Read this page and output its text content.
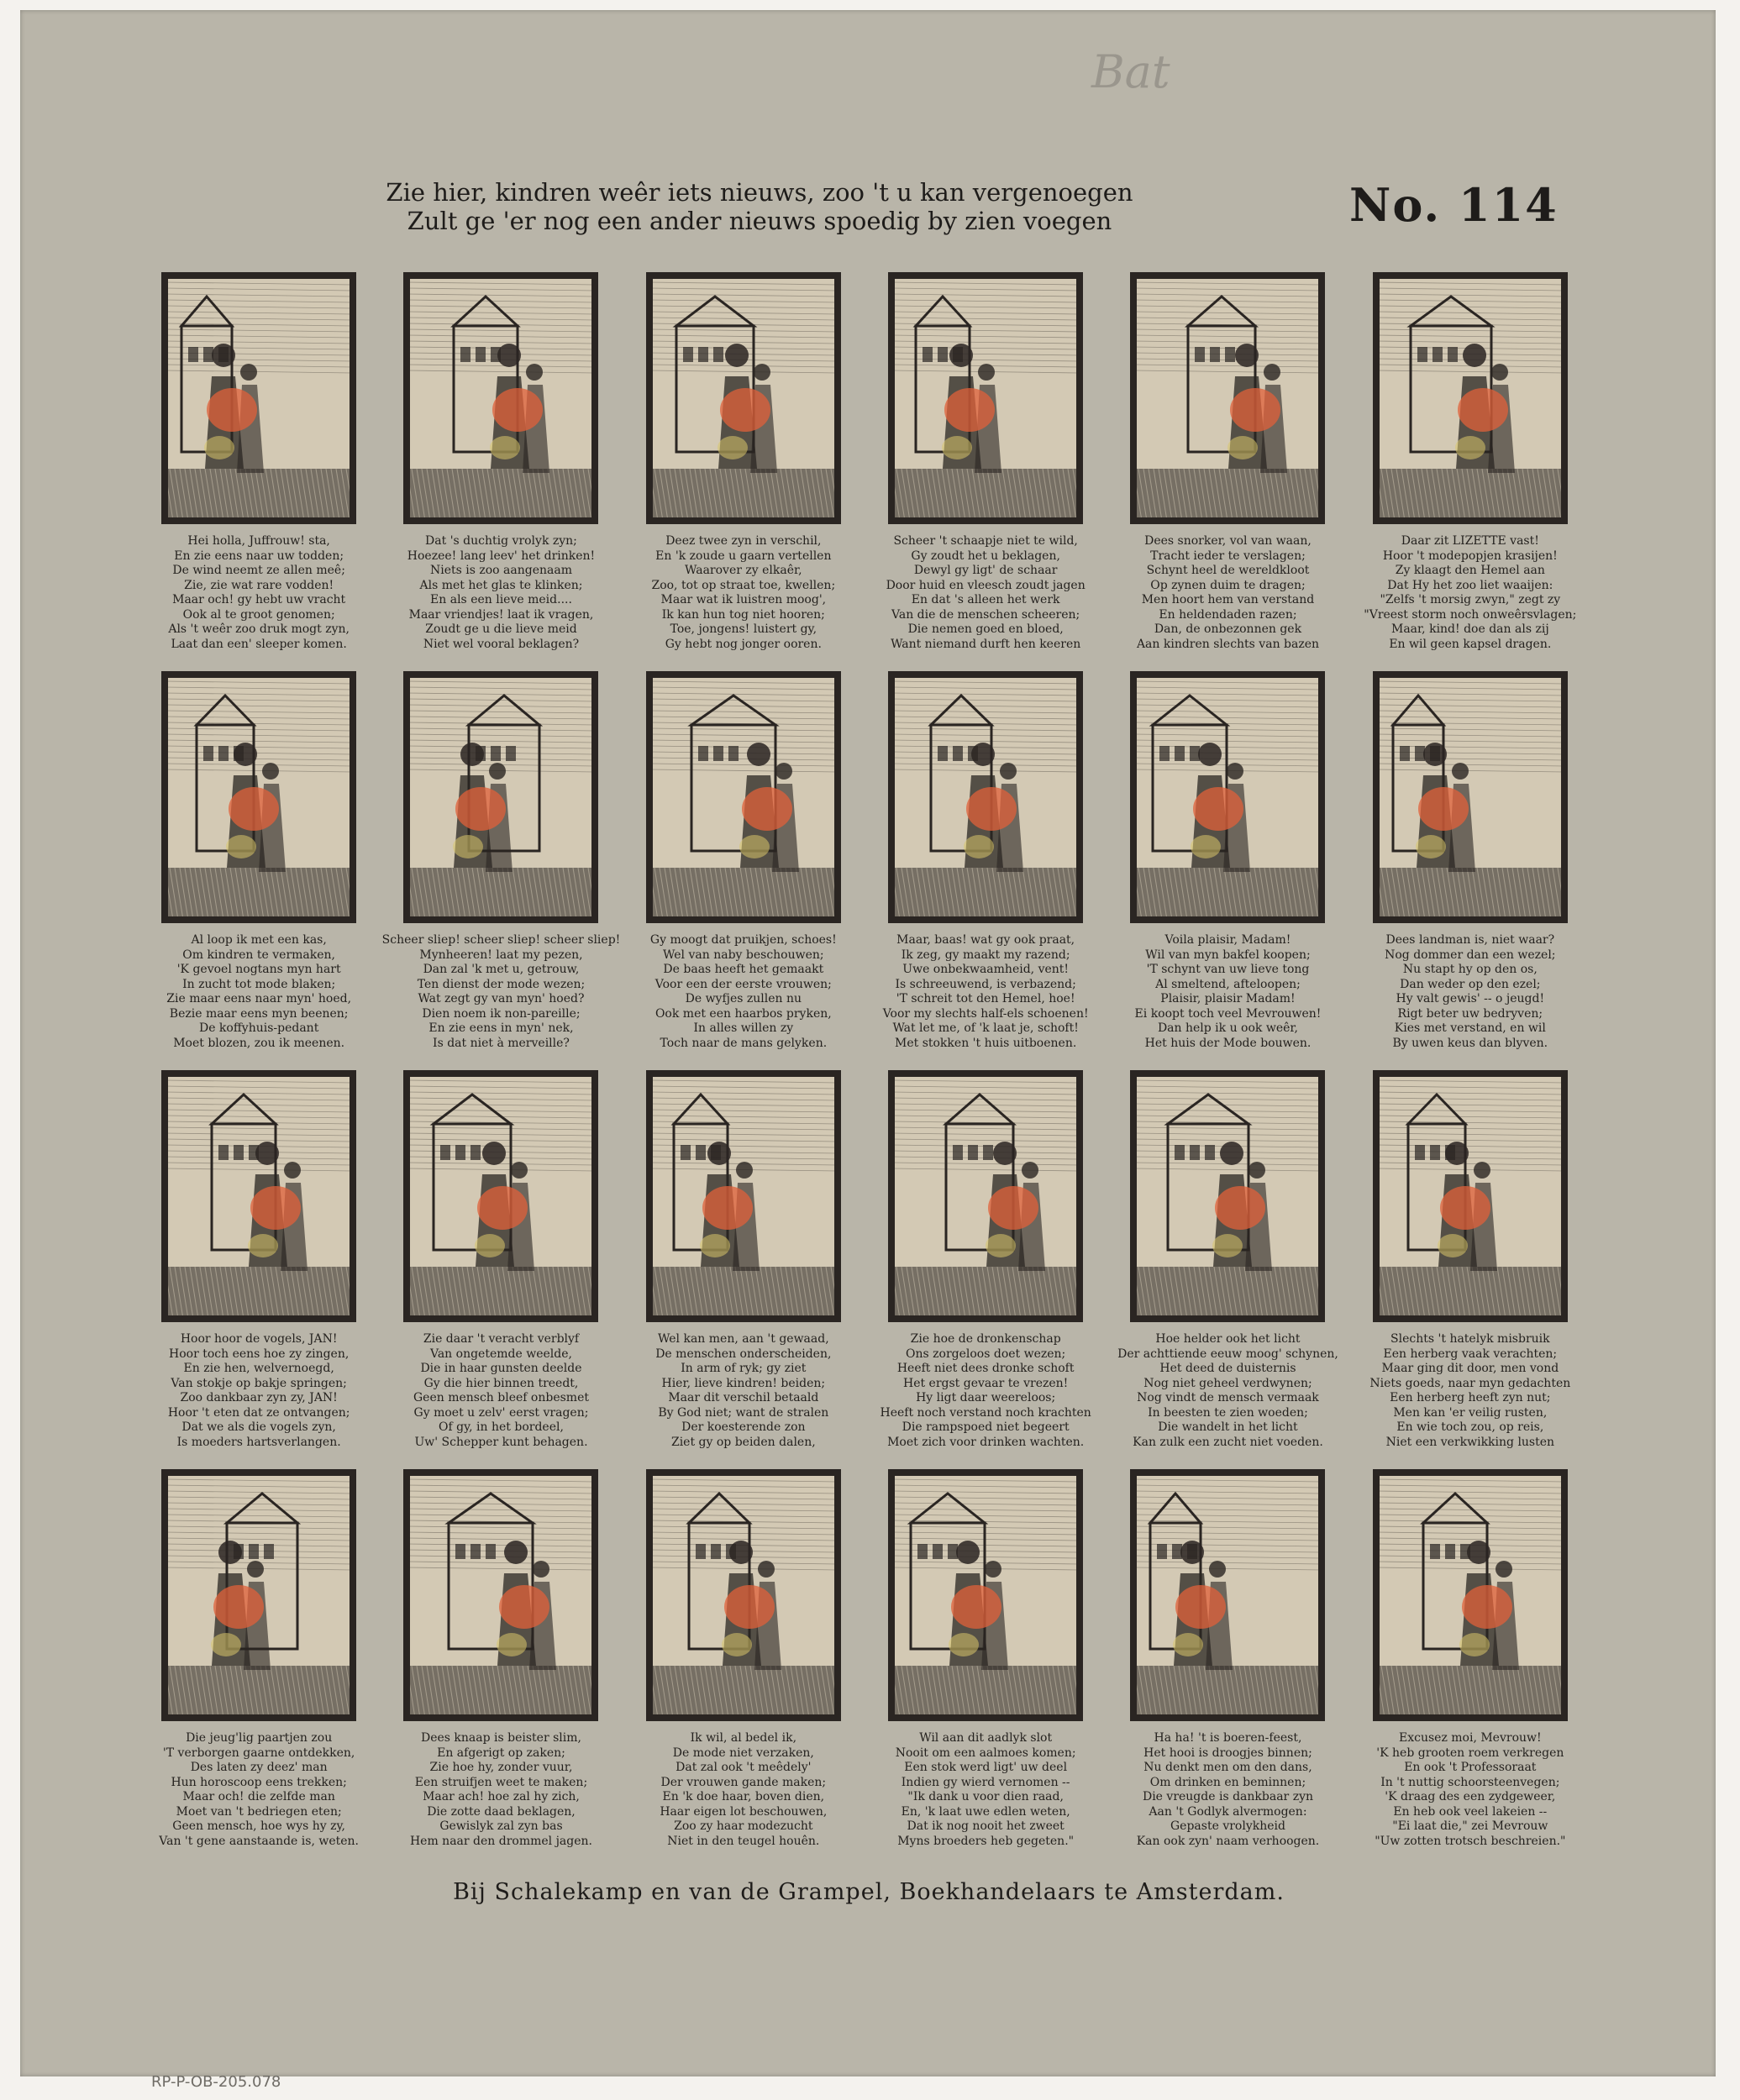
Bat
Zie hier, kindren weêr iets nieuws, zoo 't u kan vergenoegen
Zult ge 'er nog een ander nieuws spoedig by zien voegen	No. 114
Hei holla, Juffrouw! sta,
En zie eens naar uw todden;
De wind neemt ze allen meê;
Zie, zie wat rare vodden!
Maar och! gy hebt uw vracht
Ook al te groot genomen;
Als 't weêr zoo druk mogt zyn,
Laat dan een' sleeper komen.
Dat 's duchtig vrolyk zyn;
Hoezee! lang leev' het drinken!
Niets is zoo aangenaam
Als met het glas te klinken;
En als een lieve meid....
Maar vriendjes! laat ik vragen,
Zoudt ge u die lieve meid
Niet wel vooral beklagen?
Deez twee zyn in verschil,
En 'k zoude u gaarn vertellen
Waarover zy elkaêr,
Zoo, tot op straat toe, kwellen;
Maar wat ik luistren moog',
Ik kan hun tog niet hooren;
Toe, jongens! luistert gy,
Gy hebt nog jonger ooren.
Scheer 't schaapje niet te wild,
Gy zoudt het u beklagen,
Dewyl gy ligt' de schaar
Door huid en vleesch zoudt jagen
En dat 's alleen het werk
Van die de menschen scheeren;
Die nemen goed en bloed,
Want niemand durft hen keeren
Dees snorker, vol van waan,
Tracht ieder te verslagen;
Schynt heel de wereldkloot
Op zynen duim te dragen;
Men hoort hem van verstand
En heldendaden razen;
Dan, de onbezonnen gek
Aan kindren slechts van bazen
Daar zit LIZETTE vast!
Hoor 't modepopjen krasijen!
Zy klaagt den Hemel aan
Dat Hy het zoo liet waaijen:
"Zelfs 't morsig zwyn," zegt zy
"Vreest storm noch onweêrsvlagen;
Maar, kind! doe dan als zij
En wil geen kapsel dragen.
Al loop ik met een kas,
Om kindren te vermaken,
'K gevoel nogtans myn hart
In zucht tot mode blaken;
Zie maar eens naar myn' hoed,
Bezie maar eens myn beenen;
De koffyhuis-pedant
Moet blozen, zou ik meenen.
Scheer sliep! scheer sliep! scheer sliep!
Mynheeren! laat my pezen,
Dan zal 'k met u, getrouw,
Ten dienst der mode wezen;
Wat zegt gy van myn' hoed?
Dien noem ik non-pareille;
En zie eens in myn' nek,
Is dat niet à merveille?
Gy moogt dat pruikjen, schoes!
Wel van naby beschouwen;
De baas heeft het gemaakt
Voor een der eerste vrouwen;
De wyfjes zullen nu
Ook met een haarbos pryken,
In alles willen zy
Toch naar de mans gelyken.
Maar, baas! wat gy ook praat,
Ik zeg, gy maakt my razend;
Uwe onbekwaamheid, vent!
Is schreeuwend, is verbazend;
'T schreit tot den Hemel, hoe!
Voor my slechts half-els schoenen!
Wat let me, of 'k laat je, schoft!
Met stokken 't huis uitboenen.
Voila plaisir, Madam!
Wil van myn bakfel koopen;
'T schynt van uw lieve tong
Al smeltend, afteloopen;
Plaisir, plaisir Madam!
Ei koopt toch veel Mevrouwen!
Dan help ik u ook weêr,
Het huis der Mode bouwen.
Dees landman is, niet waar?
Nog dommer dan een wezel;
Nu stapt hy op den os,
Dan weder op den ezel;
Hy valt gewis' -- o jeugd!
Rigt beter uw bedryven;
Kies met verstand, en wil
By uwen keus dan blyven.
Hoor hoor de vogels, JAN!
Hoor toch eens hoe zy zingen,
En zie hen, welvernoegd,
Van stokje op bakje springen;
Zoo dankbaar zyn zy, JAN!
Hoor 't eten dat ze ontvangen;
Dat we als die vogels zyn,
Is moeders hartsverlangen.
Zie daar 't veracht verblyf
Van ongetemde weelde,
Die in haar gunsten deelde
Gy die hier binnen treedt,
Geen mensch bleef onbesmet
Gy moet u zelv' eerst vragen;
Of gy, in het bordeel,
Uw' Schepper kunt behagen.
Wel kan men, aan 't gewaad,
De menschen onderscheiden,
In arm of ryk; gy ziet
Hier, lieve kindren! beiden;
Maar dit verschil betaald
By God niet; want de stralen
Der koesterende zon
Ziet gy op beiden dalen,
Zie hoe de dronkenschap
Ons zorgeloos doet wezen;
Heeft niet dees dronke schoft
Het ergst gevaar te vrezen!
Hy ligt daar weereloos;
Heeft noch verstand noch krachten
Die rampspoed niet begeert
Moet zich voor drinken wachten.
Hoe helder ook het licht
Der achttiende eeuw moog' schynen,
Het deed de duisternis
Nog niet geheel verdwynen;
Nog vindt de mensch vermaak
In beesten te zien woeden;
Die wandelt in het licht
Kan zulk een zucht niet voeden.
Slechts 't hatelyk misbruik
Een herberg vaak verachten;
Maar ging dit door, men vond
Niets goeds, naar myn gedachten
Een herberg heeft zyn nut;
Men kan 'er veilig rusten,
En wie toch zou, op reis,
Niet een verkwikking lusten
Die jeug'lig paartjen zou
'T verborgen gaarne ontdekken,
Des laten zy deez' man
Hun horoscoop eens trekken;
Maar och! die zelfde man
Moet van 't bedriegen eten;
Geen mensch, hoe wys hy zy,
Van 't gene aanstaande is, weten.
Dees knaap is beister slim,
En afgerigt op zaken;
Zie hoe hy, zonder vuur,
Een struifjen weet te maken;
Maar ach! hoe zal hy zich,
Die zotte daad beklagen,
Gewislyk zal zyn bas
Hem naar den drommel jagen.
Ik wil, al bedel ik,
De mode niet verzaken,
Dat zal ook 't meêdely'
Der vrouwen gande maken;
En 'k doe haar, boven dien,
Haar eigen lot beschouwen,
Zoo zy haar modezucht
Niet in den teugel houên.
Wil aan dit aadlyk slot
Nooit om een aalmoes komen;
Een stok werd ligt' uw deel
Indien gy wierd vernomen --
"Ik dank u voor dien raad,
En, 'k laat uwe edlen weten,
Dat ik nog nooit het zweet
Myns broeders heb gegeten."
Ha ha! 't is boeren-feest,
Het hooi is droogjes binnen;
Nu denkt men om den dans,
Om drinken en beminnen;
Die vreugde is dankbaar zyn
Aan 't Godlyk alvermogen:
Gepaste vrolykheid
Kan ook zyn' naam verhoogen.
Excusez moi, Mevrouw!
'K heb grooten roem verkregen
En ook 't Professoraat
In 't nuttig schoorsteenvegen;
'K draag des een zydgeweer,
En heb ook veel lakeien --
"Ei laat die," zei Mevrouw
"Uw zotten trotsch beschreien."
Bij Schalekamp en van de Grampel, Boekhandelaars te Amsterdam.
RP-P-OB-205.078
